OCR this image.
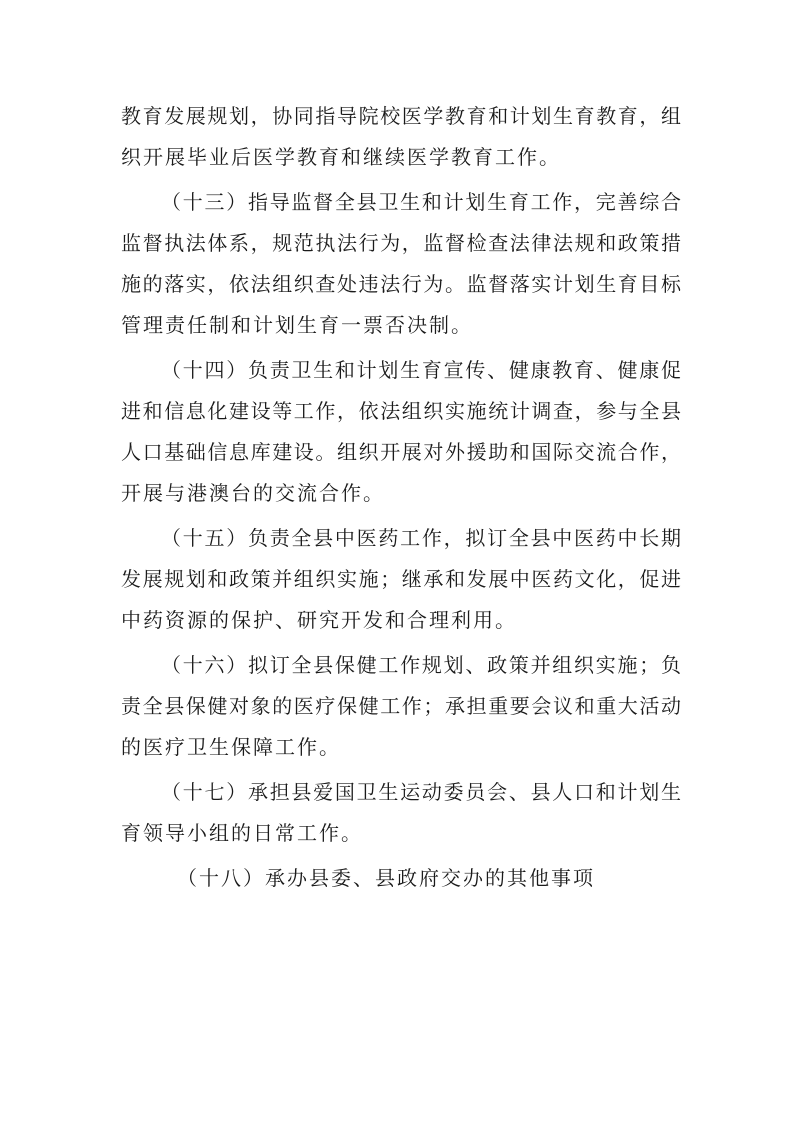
教育发展规划，协同指导院校医学教育和计划生育教育，组
织开展毕业后医学教育和继续医学教育工作。
（十三）指导监督全县卫生和计划生育工作，完善综合
监督执法体系，规范执法行为，监督检查法律法规和政策措
施的落实，依法组织查处违法行为。监督落实计划生育目标
管理责任制和计划生育一票否决制。
（十四）负责卫生和计划生育宣传、健康教育、健康促
进和信息化建设等工作，依法组织实施统计调查，参与全县
人口基础信息库建设。组织开展对外援助和国际交流合作，
开展与港澳台的交流合作。
（十五）负责全县中医药工作，拟订全县中医药中长期
发展规划和政策并组织实施；继承和发展中医药文化，促进
中药资源的保护、研究开发和合理利用。
（十六）拟订全县保健工作规划、政策并组织实施；负
责全县保健对象的医疗保健工作；承担重要会议和重大活动
的医疗卫生保障工作。
（十七）承担县爱国卫生运动委员会、县人口和计划生
育领导小组的日常工作。
（十八）承办县委、县政府交办的其他事项
